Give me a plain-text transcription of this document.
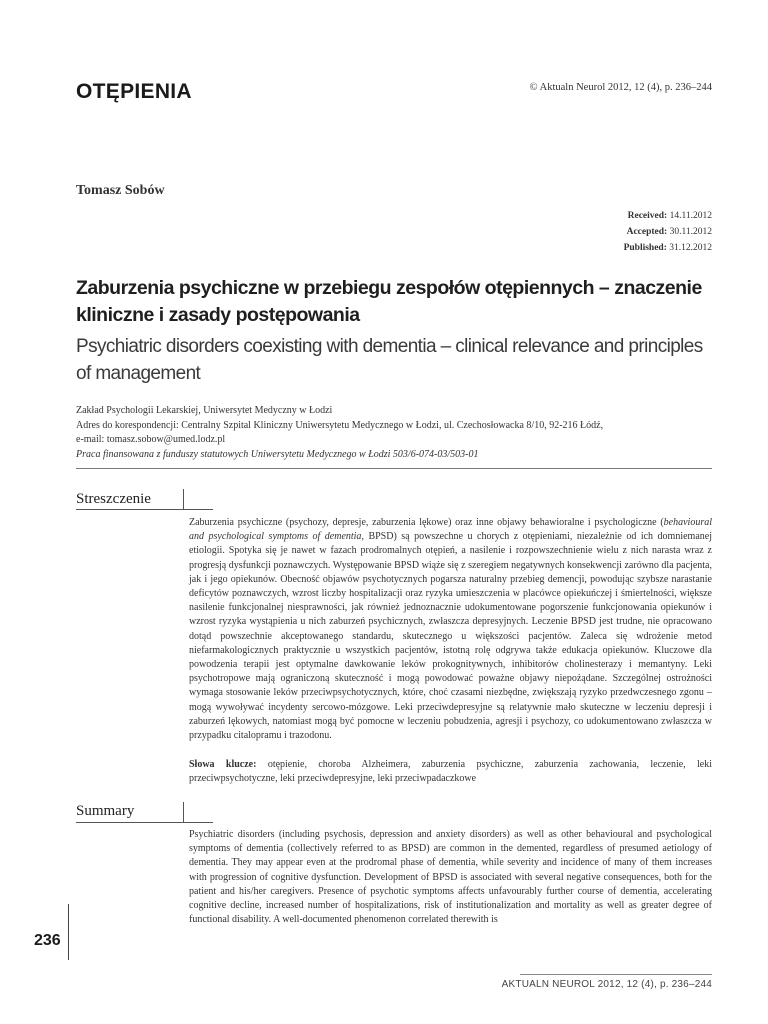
OTĘPIENIA	© Aktualn Neurol 2012, 12 (4), p. 236–244
Tomasz Sobów
Received: 14.11.2012
Accepted: 30.11.2012
Published: 31.12.2012
Zaburzenia psychiczne w przebiegu zespołów otępiennych – znaczenie kliniczne i zasady postępowania
Psychiatric disorders coexisting with dementia – clinical relevance and principles of management
Zakład Psychologii Lekarskiej, Uniwersytet Medyczny w Łodzi
Adres do korespondencji: Centralny Szpital Kliniczny Uniwersytetu Medycznego w Łodzi, ul. Czechosłowacka 8/10, 92-216 Łódź,
e-mail: tomasz.sobow@umed.lodz.pl
Praca finansowana z funduszy statutowych Uniwersytetu Medycznego w Łodzi 503/6-074-03/503-01
Streszczenie
Zaburzenia psychiczne (psychozy, depresje, zaburzenia lękowe) oraz inne objawy behawioralne i psychologiczne (behavioural and psychological symptoms of dementia, BPSD) są powszechne u chorych z otępieniami, niezależnie od ich domniemanej etiologii. Spotyka się je nawet w fazach prodromalnych otępień, a nasilenie i rozpowszechnienie wielu z nich narasta wraz z progresją dysfunkcji poznawczych. Występowanie BPSD wiąże się z szeregiem negatywnych konsekwencji zarówno dla pacjenta, jak i jego opiekunów. Obecność objawów psychotycznych pogarsza naturalny przebieg demencji, powodując szybsze narastanie deficytów poznawczych, wzrost liczby hospitalizacji oraz ryzyka umieszczenia w placówce opiekuńczej i śmiertelności, większe nasilenie funkcjonalnej niesprawności, jak również jednoznacznie udokumentowane pogorszenie funkcjonowania opiekunów i wzrost ryzyka wystąpienia u nich zaburzeń psychicznych, zwłaszcza depresyjnych. Leczenie BPSD jest trudne, nie opracowano dotąd powszechnie akceptowanego standardu, skutecznego u większości pacjentów. Zaleca się wdrożenie metod niefarmakologicznych praktycznie u wszystkich pacjentów, istotną rolę odgrywa także edukacja opiekunów. Kluczowe dla powodzenia terapii jest optymalne dawkowanie leków prokognitywnych, inhibitorów cholinesterazy i memantyny. Leki psychotropowe mają ograniczoną skuteczność i mogą powodować poważne objawy niepożądane. Szczególnej ostrożności wymaga stosowanie leków przeciwpsychotycznych, które, choć czasami niezbędne, zwiększają ryzyko przedwczesnego zgonu – mogą wywoływać incydenty sercowo-mózgowe. Leki przeciwdepresyjne są relatywnie mało skuteczne w leczeniu depresji i zaburzeń lękowych, natomiast mogą być pomocne w leczeniu pobudzenia, agresji i psychozy, co udokumentowano zwłaszcza w przypadku citalopramu i trazodonu.
Słowa klucze: otępienie, choroba Alzheimera, zaburzenia psychiczne, zaburzenia zachowania, leczenie, leki przeciwpsychotyczne, leki przeciwdepresyjne, leki przeciwpadaczkowe
Summary
Psychiatric disorders (including psychosis, depression and anxiety disorders) as well as other behavioural and psychological symptoms of dementia (collectively referred to as BPSD) are common in the demented, regardless of presumed aetiology of dementia. They may appear even at the prodromal phase of dementia, while severity and incidence of many of them increases with progression of cognitive dysfunction. Development of BPSD is associated with several negative consequences, both for the patient and his/her caregivers. Presence of psychotic symptoms affects unfavourably further course of dementia, accelerating cognitive decline, increased number of hospitalizations, risk of institutionalization and mortality as well as greater degree of functional disability. A well-documented phenomenon correlated therewith is
236
AKTUALN NEUROL 2012, 12 (4), p. 236–244
